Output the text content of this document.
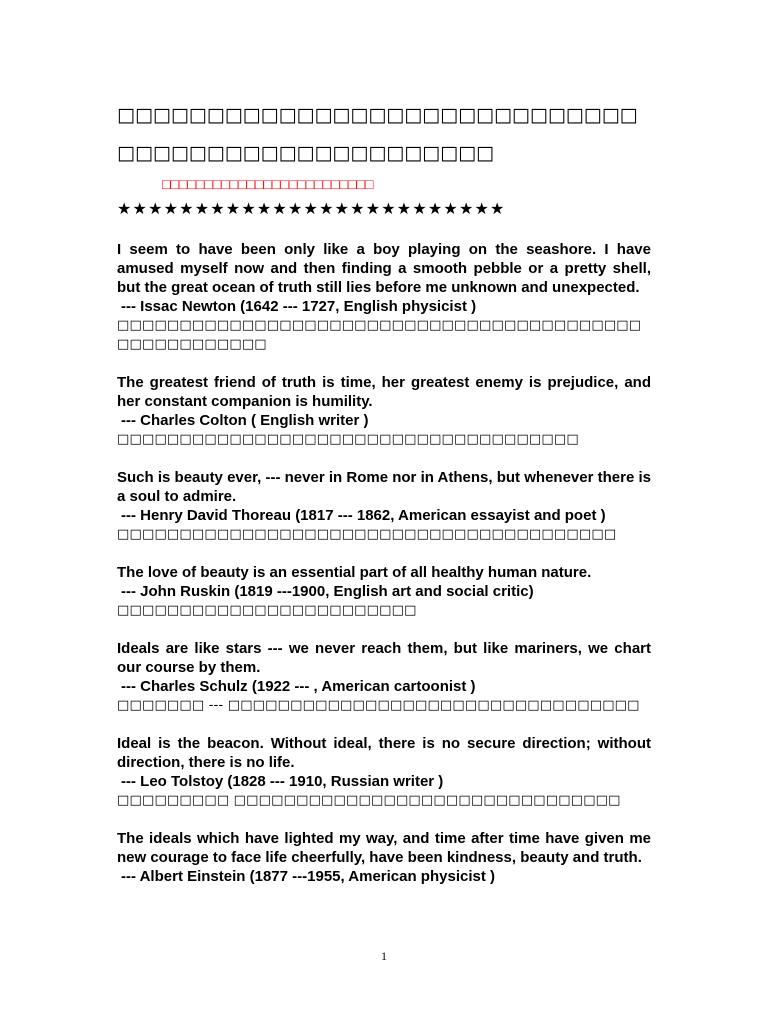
□□□□□□□□□□□□□□□□□□□□□□□□□□□□□□□□□□□□□□□□□□□□□□□□□□

□□□□□□□□□□□□□□□□□□□□□□□□□

★★★★★★★★★★★★★★★★★★★★★★★★★

I seem to have been only like a boy playing on the seashore. I have amused myself now and then finding a smooth pebble or a pretty shell, but the great ocean of truth still lies before me unknown and unexpected.

--- Issac Newton (1642 --- 1727, English physicist )

□□□□□□□□□□□□□□□□□□□□□□□□□□□□□□□□□□□□□□□□□□□□□□□□□□□□□□

The greatest friend of truth is time, her greatest enemy is prejudice, and her constant companion is humility.

--- Charles Colton ( English writer )

□□□□□□□□□□□□□□□□□□□□□□□□□□□□□□□□□□□□□

Such is beauty ever, --- never in Rome nor in Athens, but whenever there is a soul to admire.

--- Henry David Thoreau (1817 --- 1862, American essayist and poet )

□□□□□□□□□□□□□□□□□□□□□□□□□□□□□□□□□□□□□□□□

The love of beauty is an essential part of all healthy human nature.

--- John Ruskin (1819 ---1900, English art and social critic)

□□□□□□□□□□□□□□□□□□□□□□□□

Ideals are like stars --- we never reach them, but like mariners, we chart our course by them.

--- Charles Schulz (1922 --- , American cartoonist )

□□□□□□□ --- □□□□□□□□□□□□□□□□□□□□□□□□□□□□□□□□□

Ideal is the beacon. Without ideal, there is no secure direction; without direction, there is no life.

--- Leo Tolstoy (1828 --- 1910, Russian writer )

□□□□□□□□□ □□□□□□□□□□□□□□□□□□□□□□□□□□□□□□□

The ideals which have lighted my way, and time after time have given me new courage to face life cheerfully, have been kindness, beauty and truth.

--- Albert Einstein (1877 ---1955, American physicist )

1
